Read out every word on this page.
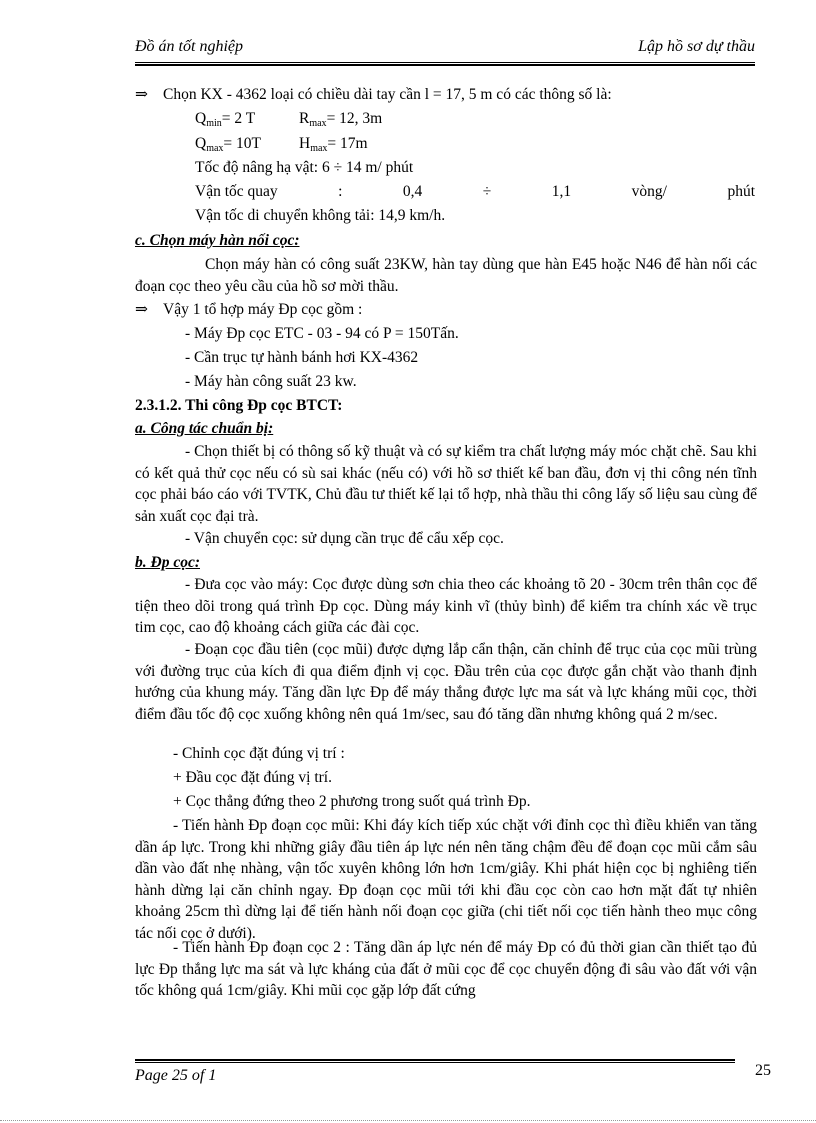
Đồ án tốt nghiệp	Lập hồ sơ dự thầu
⇒ Chọn KX - 4362 loại có chiều dài tay cần l = 17, 5 m có các thông số là:
$Q_{min}= 2$ T	$R_{max}= 12$, 3m
$Q_{max}= 10T$ $H_{max}= 17m$
Tốc độ nâng hạ vật: 6 ÷ 14 m/ phút
Vận tốc quay	:	0,4	÷	1,1	vòng/	phút
Vận tốc di chuyển không tải: 14,9 km/h.
c. Chọn máy hàn nối cọc:
Chọn máy hàn có công suất 23KW, hàn tay dùng que hàn E45 hoặc N46 để hàn nối các đoạn cọc theo yêu cầu của hồ sơ mời thầu.
⇒ Vậy 1 tổ hợp máy Đp cọc gồm :
- Máy Đp cọc ETC - 03 - 94 có P = 150Tấn.
- Cần trục tự hành bánh hơi KX-4362
- Máy hàn công suất 23 kw.
2.3.1.2. Thi công Đp cọc BTCT:
a. Công tác chuẩn bị:
- Chọn thiết bị có thông số kỹ thuật và có sự kiểm tra chất lượng máy móc chặt chẽ. Sau khi có kết quả thử cọc nếu có sù sai khác (nếu có) với hồ sơ thiết kế ban đầu, đơn vị thi công nén tĩnh cọc phải báo cáo với TVTK, Chủ đầu tư thiết kế lại tổ hợp, nhà thầu thi công lấy số liệu sau cùng để sản xuất cọc đại trà.
- Vận chuyển cọc: sử dụng cần trục để cẩu xếp cọc.
b. Đp cọc:
- Đưa cọc vào máy: Cọc được dùng sơn chia theo các khoảng tõ 20 - 30cm trên thân cọc để tiện theo dõi trong quá trình Đp cọc. Dùng máy kinh vĩ (thủy bình) để kiểm tra chính xác về trục tim cọc, cao độ khoảng cách giữa các đài cọc.
- Đoạn cọc đầu tiên (cọc mũi) được dựng lắp cẩn thận, căn chỉnh để trục của cọc mũi trùng với đường trục của kích đi qua điểm định vị cọc. Đầu trên của cọc được gắn chặt vào thanh định hướng của khung máy. Tăng dần lực Đp để máy thắng được lực ma sát và lực kháng mũi cọc, thời điểm đầu tốc độ cọc xuống không nên quá 1m/sec, sau đó tăng dần nhưng không quá 2 m/sec.
- Chỉnh cọc đặt đúng vị trí :
+ Đầu cọc đặt đúng vị trí.
+ Cọc thẳng đứng theo 2 phương trong suốt quá trình Đp.
- Tiến hành Đp đoạn cọc mũi: Khi đáy kích tiếp xúc chặt với đỉnh cọc thì điều khiển van tăng dần áp lực. Trong khi những giây đầu tiên áp lực nén nên tăng chậm đều để đoạn cọc mũi cắm sâu dần vào đất nhẹ nhàng, vận tốc xuyên không lớn hơn 1cm/giây. Khi phát hiện cọc bị nghiêng tiến hành dừng lại căn chỉnh ngay. Đp đoạn cọc mũi tới khi đầu cọc còn cao hơn mặt đất tự nhiên khoảng 25cm thì dừng lại để tiến hành nối đoạn cọc giữa (chi tiết nối cọc tiến hành theo mục công tác nối cọc ở dưới).
- Tiến hành Đp đoạn cọc 2 : Tăng dần áp lực nén để máy Đp có đủ thời gian cần thiết tạo đủ lực Đp thắng lực ma sát và lực kháng của đất ở mũi cọc để cọc chuyển động đi sâu vào đất với vận tốc không quá 1cm/giây. Khi mũi cọc gặp lớp đất cứng
Page 25 of 1	25
